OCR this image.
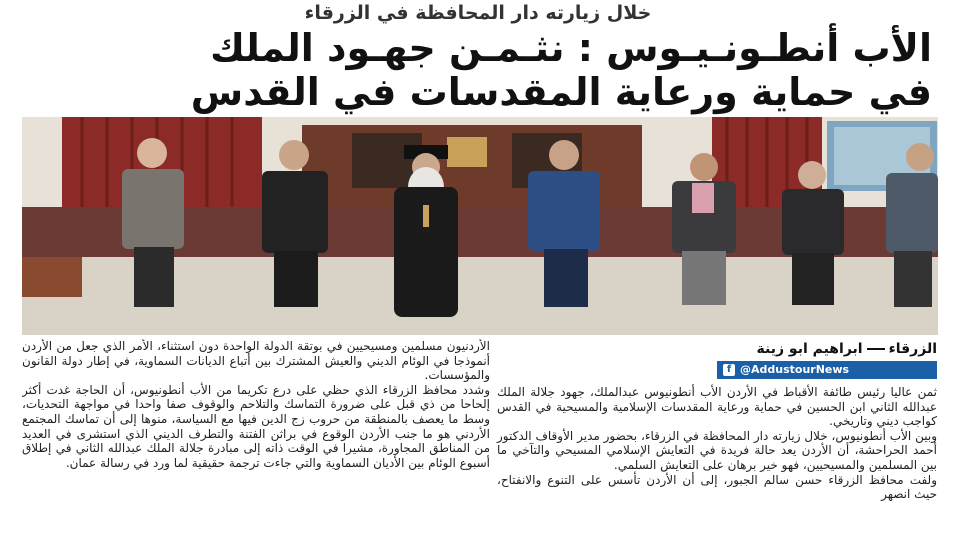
خلال زيارته دار المحافظة في الزرقاء
الأب أنطـونـيـوس : نثـمـن جهـود الملك
في حماية ورعاية المقدسات في القدس

الأردنيون مسلمين ومسيحيين في بوتقة الدولة الواحدة دون استثناء، الأمر الذي جعل من الأردن أنموذجا في الوئام الديني والعيش المشترك بين أتباع الديانات السماوية، في إطار دولة القانون والمؤسسات.

وشدد محافظ الزرقاء الذي حظي على درع تكريما من الأب أنطونيوس، أن الحاجة غدت أكثر إلحاحا من ذي قبل على ضرورة التماسك والتلاحم والوقوف صفا واحدا في مواجهة التحديات، وسط ما يعصف بالمنطقة من حروب زج الدين فيها مع السياسة، منوها إلى أن تماسك المجتمع الأردني هو ما جنب الأردن الوقوع في براثن الفتنة والتطرف الديني الذي استشرى في العديد من المناطق المجاورة، مشيرا في الوقت ذاته إلى مبادرة جلالة الملك عبدالله الثاني في إطلاق أسبوع الوئام بين الأديان السماوية والتي جاءت ترجمة حقيقية لما ورد في رسالة عمان.

الزرقاءابراهيم ابو زينة
f @AddustourNews

ثمن عاليا رئيس طائفة الأقباط في الأردن الأب أنطونيوس عبدالملك، جهود جلالة الملك عبدالله الثاني ابن الحسين في حماية ورعاية المقدسات الإسلامية والمسيحية في القدس كواجب ديني وتاريخي.

وبين الأب أنطونيوس، خلال زيارته دار المحافظة في الزرقاء، بحضور مدير الأوقاف الدكتور أحمد الحراحشة، أن الأردن يعد حالة فريدة في التعايش الإسلامي المسيحي والتآخي ما بين المسلمين والمسيحيين، فهو خير برهان على التعايش السلمي.

ولفت محافظ الزرقاء حسن سالم الجبور، إلى أن الأردن تأسس على التنوع والانفتاح، حيث انصهر
